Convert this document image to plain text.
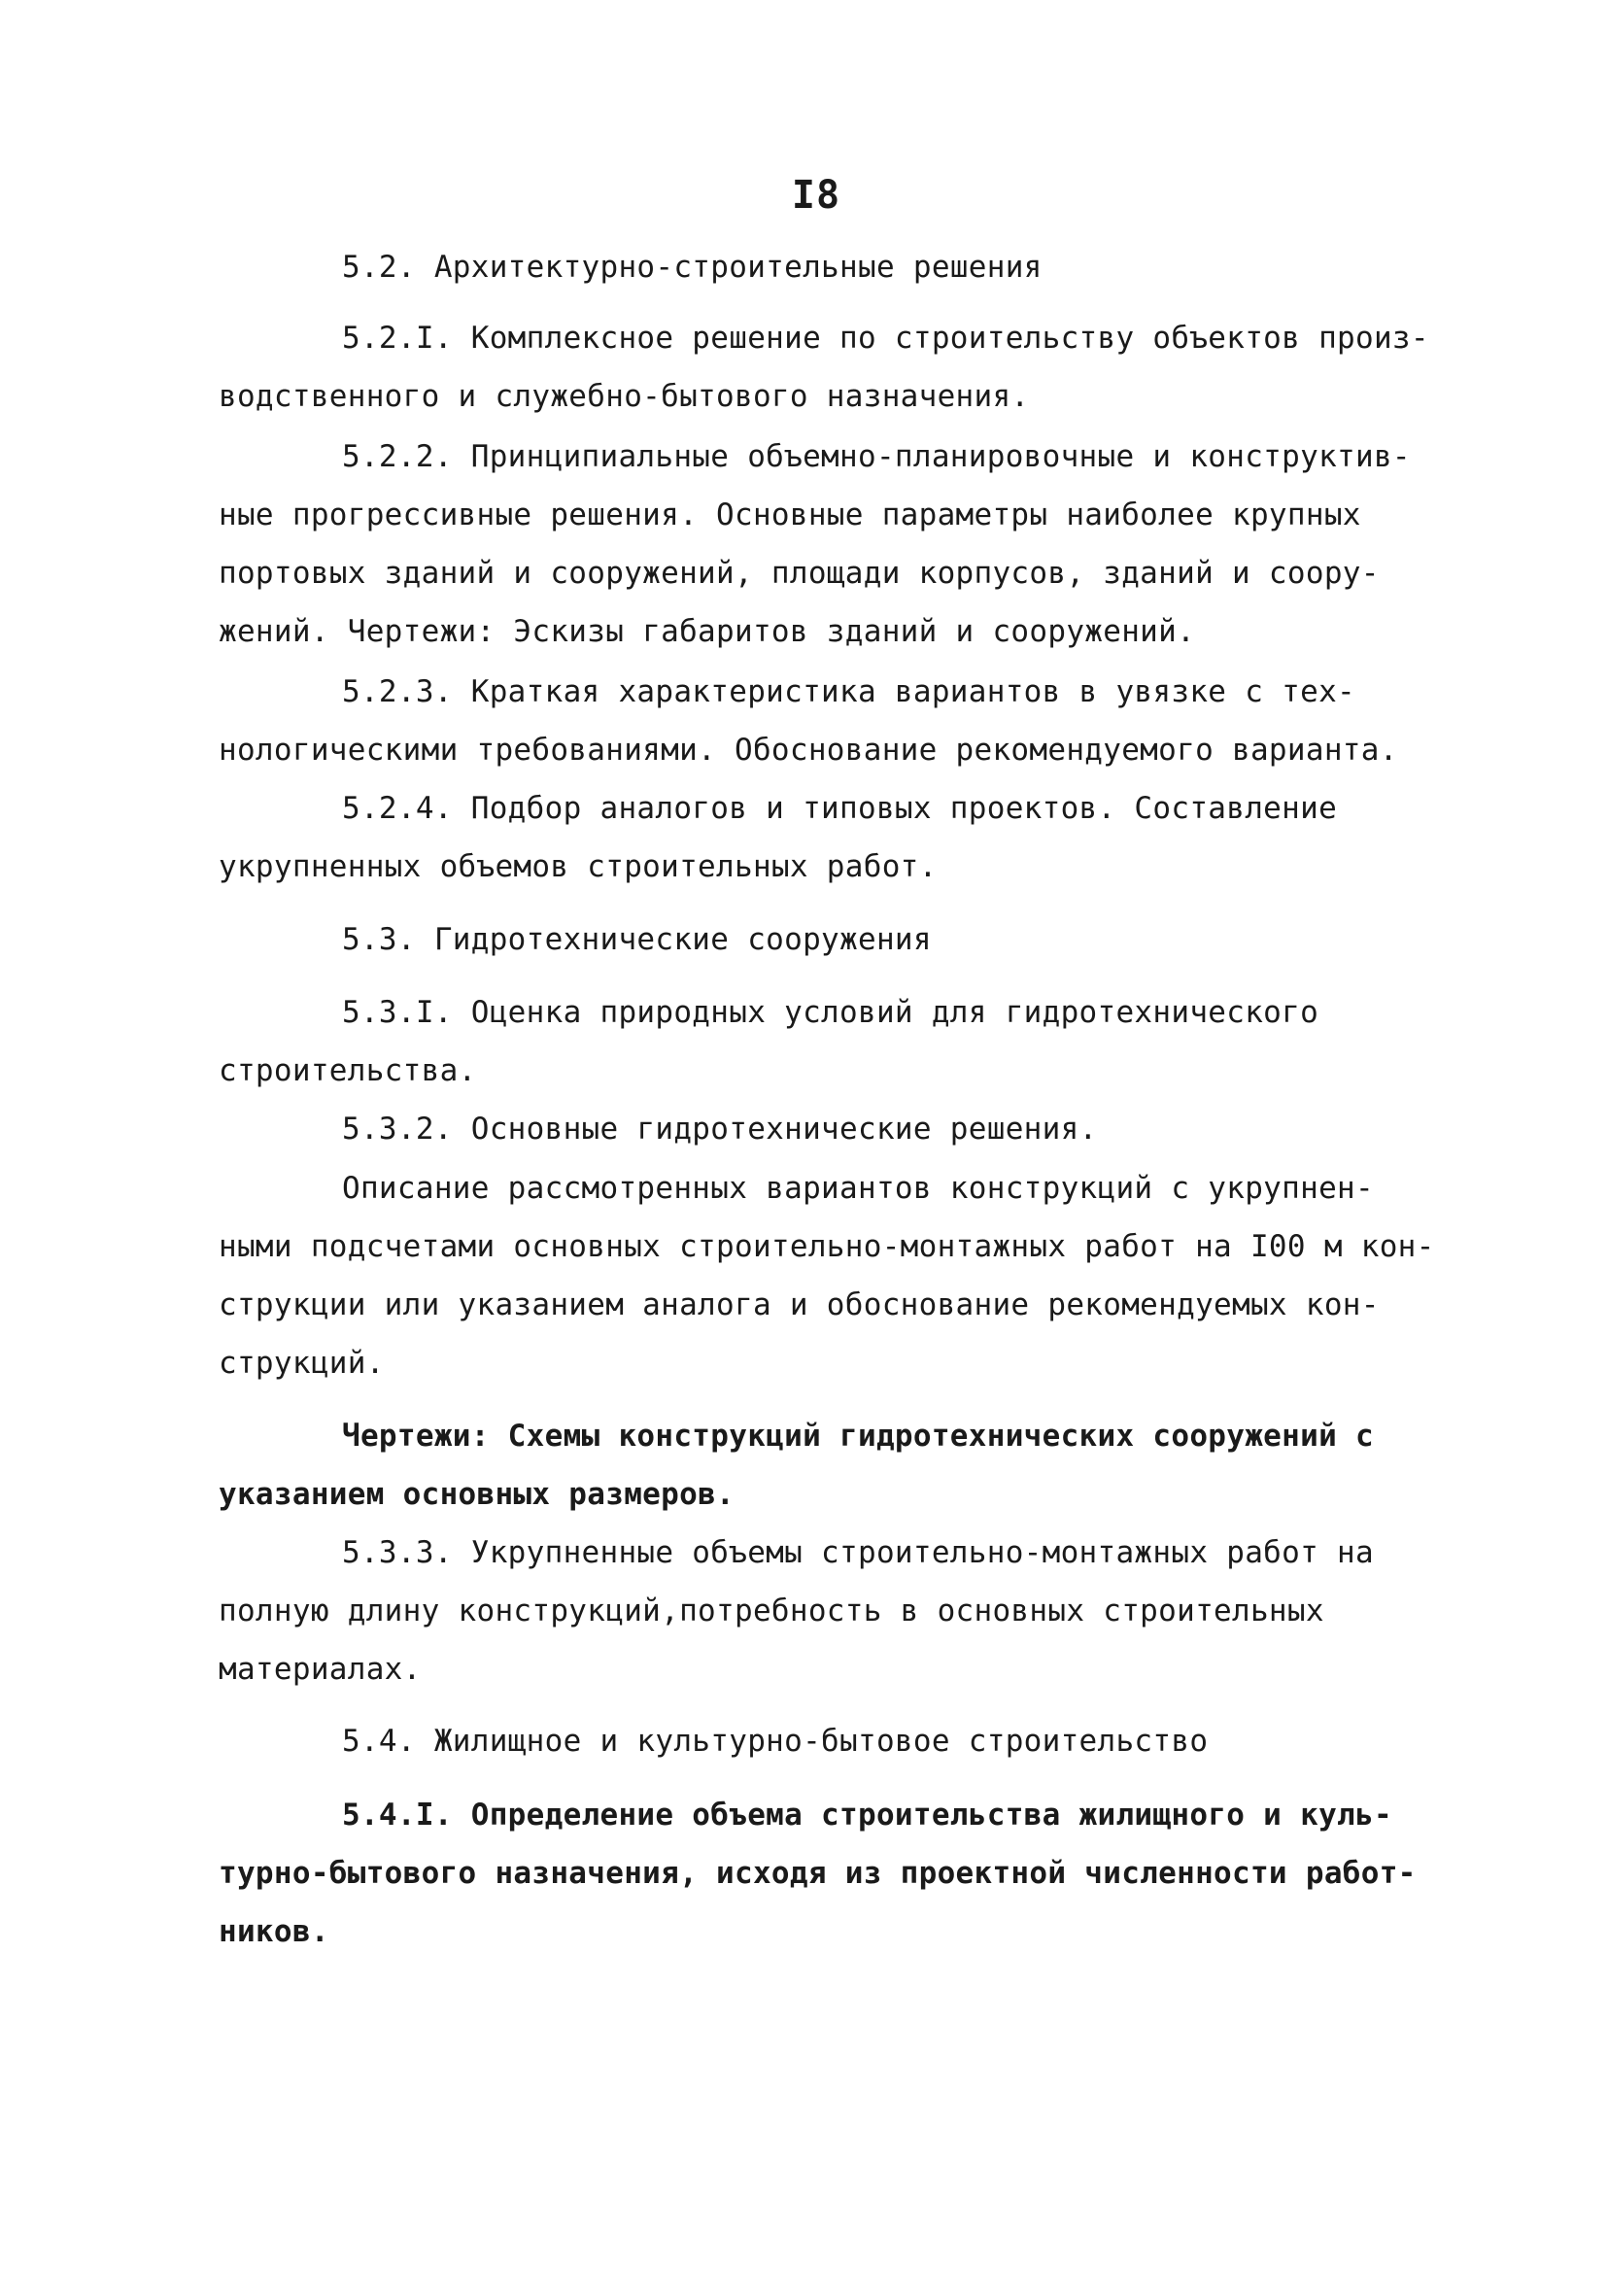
I8
5.2. Архитектурно-строительные решения
5.2.I. Комплексное решение по строительству объектов произ-
водственного и служебно-бытового назначения.
5.2.2. Принципиальные объемно-планировочные и конструктив-
ные прогрессивные решения. Основные параметры наиболее крупных
портовых зданий и сооружений, площади корпусов, зданий и соору-
жений. Чертежи: Эскизы габаритов зданий и сооружений.
5.2.3. Краткая характеристика вариантов в увязке с тех-
нологическими требованиями. Обоснование рекомендуемого варианта.
5.2.4. Подбор аналогов и типовых проектов. Составление
укрупненных объемов строительных работ.
5.3. Гидротехнические сооружения
5.3.I. Оценка природных условий для гидротехнического
строительства.
5.3.2. Основные гидротехнические решения.
Описание рассмотренных вариантов конструкций с укрупнен-
ными подсчетами основных строительно-монтажных работ на I00 м кон-
струкции или указанием аналога и обоснование рекомендуемых кон-
струкций.
Чертежи: Схемы конструкций гидротехнических сооружений с
указанием основных размеров.
5.3.3. Укрупненные объемы строительно-монтажных работ на
полную длину конструкций,потребность в основных строительных
материалах.
5.4. Жилищное и культурно-бытовое строительство
5.4.I. Определение объема строительства жилищного и куль-
турно-бытового назначения, исходя из проектной численности работ-
ников.
